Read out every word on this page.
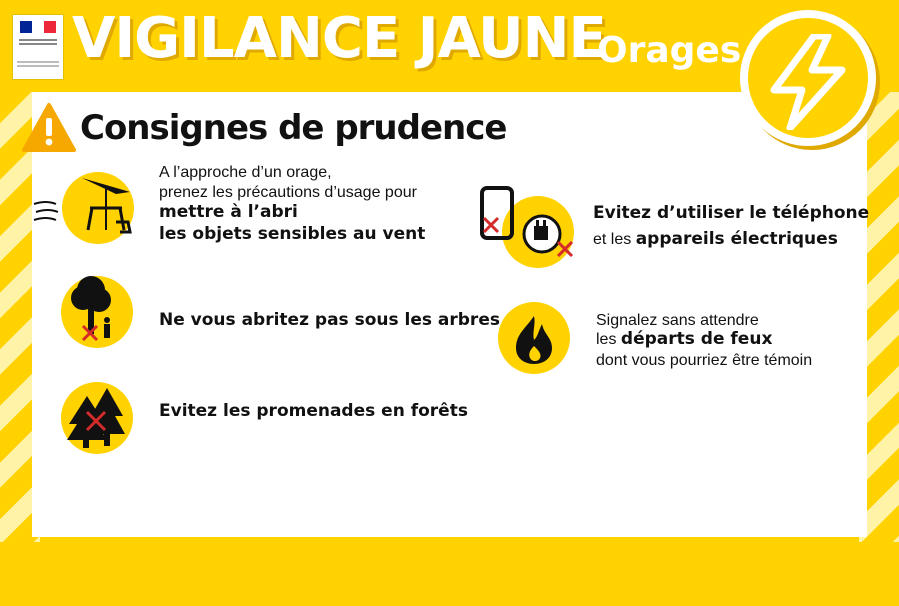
VIGILANCE JAUNE
Orages
Consignes de prudence
A l’approche d’un orage,
prenez les précautions d’usage pour
mettre à l’abri
les objets sensibles au vent
Ne vous abritez pas sous les arbres
Evitez les promenades en forêts
Evitez d’utiliser le téléphone
et les appareils électriques
Signalez sans attendre
les départs de feux
dont vous pourriez être témoin
